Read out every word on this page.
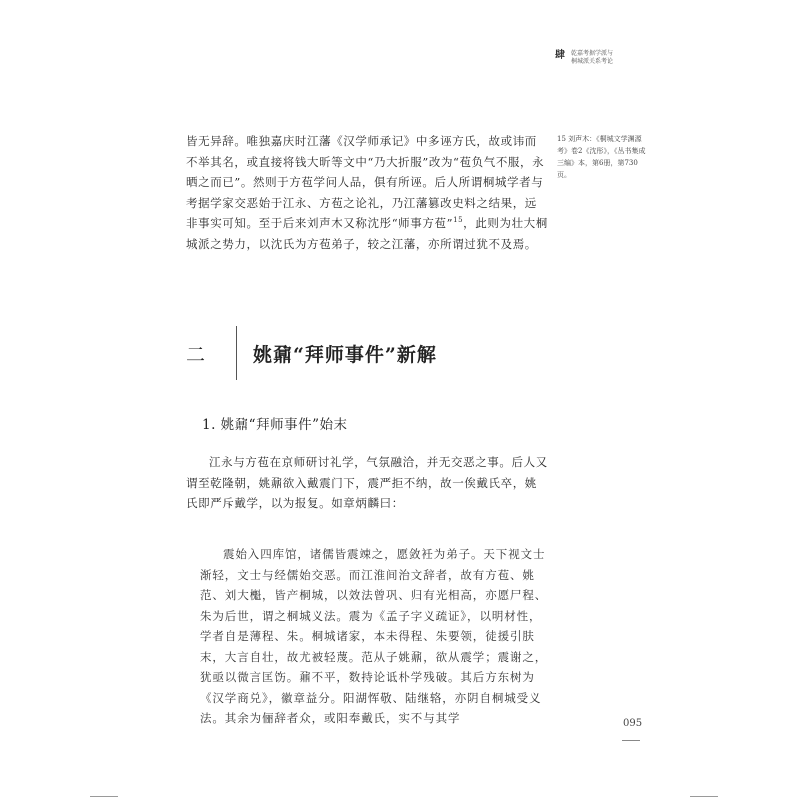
肆 乾嘉考据学派与
桐城派关系考论

皆无异辞。唯独嘉庆时江藩《汉学师承记》中多诬方氏，故或讳而不举其名，或直接将钱大昕等文中“乃大折服”改为“苞负气不服，永晒之而已”。然则于方苞学问人品，俱有所诬。后人所谓桐城学者与考据学家交恶始于江永、方苞之论礼，乃江藩篡改史料之结果，远非事实可知。至于后来刘声木又称沈彤“师事方苞”$^{15}$，此则为壮大桐城派之势力，以沈氏为方苞弟子，较之江藩，亦所谓过犹不及焉。

15 刘声木：《桐城文学渊源考》卷2《沈彤》，《丛书集成三编》本，第6册，第730页。
二	姚鼐“拜师事件”新解
1. 姚鼐“拜师事件”始末

江永与方苞在京师研讨礼学，气氛融洽，并无交恶之事。后人又谓至乾隆朝，姚鼐欲入戴震门下，震严拒不纳，故一俟戴氏卒，姚氏即严斥戴学，以为报复。如章炳麟曰：

震始入四库馆，诸儒皆震竦之，愿敛衽为弟子。天下视文士渐轻，文士与经儒始交恶。而江淮间治文辞者，故有方苞、姚范、刘大櫆，皆产桐城，以效法曾巩、归有光相高，亦愿尸程、朱为后世，谓之桐城义法。震为《孟子字义疏证》，以明材性，学者自是薄程、朱。桐城诸家，本未得程、朱要领，徒援引肤末，大言自壮，故尤被轻蔑。范从子姚鼐，欲从震学；震谢之，犹亟以微言匡饬。鼐不平，数持论诋朴学残破。其后方东树为《汉学商兑》，徽章益分。阳湖恽敬、陆继辂，亦阴自桐城受义法。其余为俪辞者众，或阳奉戴氏，实不与其学	095
